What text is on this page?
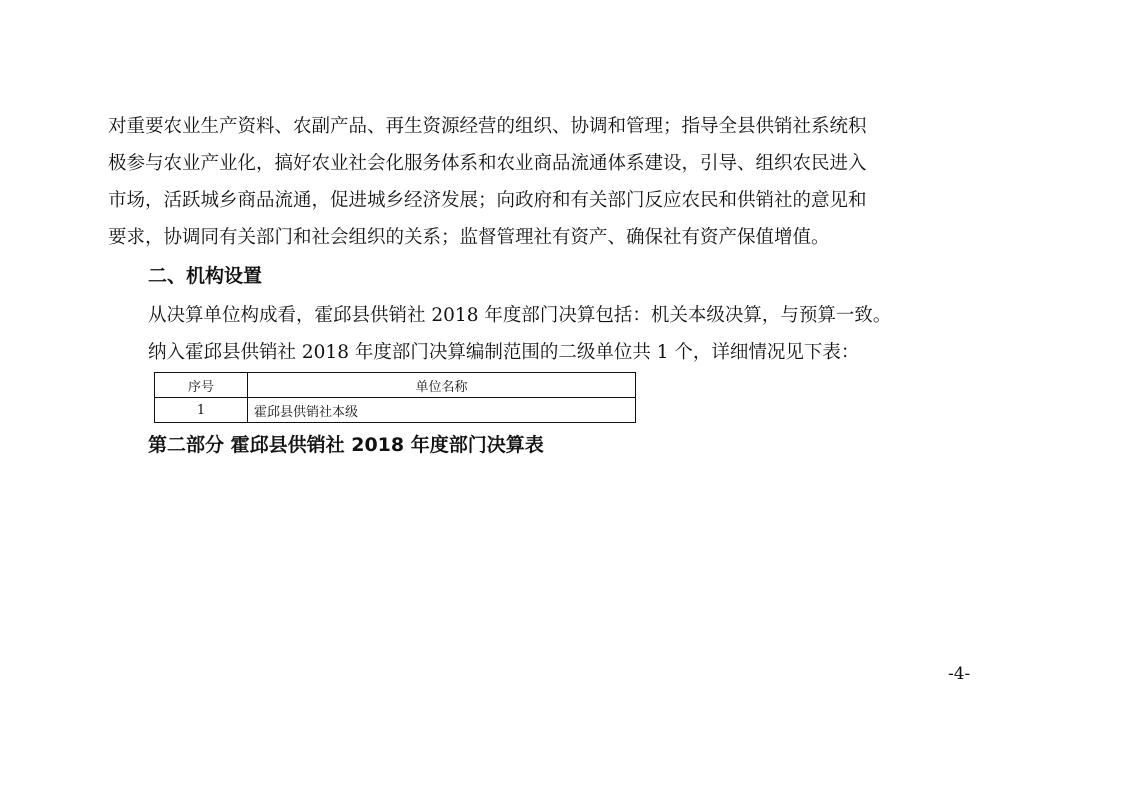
对重要农业生产资料、农副产品、再生资源经营的组织、协调和管理；指导全县供销社系统积
极参与农业产业化，搞好农业社会化服务体系和农业商品流通体系建设，引导、组织农民进入
市场，活跃城乡商品流通，促进城乡经济发展；向政府和有关部门反应农民和供销社的意见和
要求，协调同有关部门和社会组织的关系；监督管理社有资产、确保社有资产保值增值。
二、机构设置
从决算单位构成看，霍邱县供销社 2018 年度部门决算包括：机关本级决算，与预算一致。
纳入霍邱县供销社 2018 年度部门决算编制范围的二级单位共 1 个，详细情况见下表：
序号	单位名称
1	霍邱县供销社本级
第二部分 霍邱县供销社 2018 年度部门决算表
-4-
